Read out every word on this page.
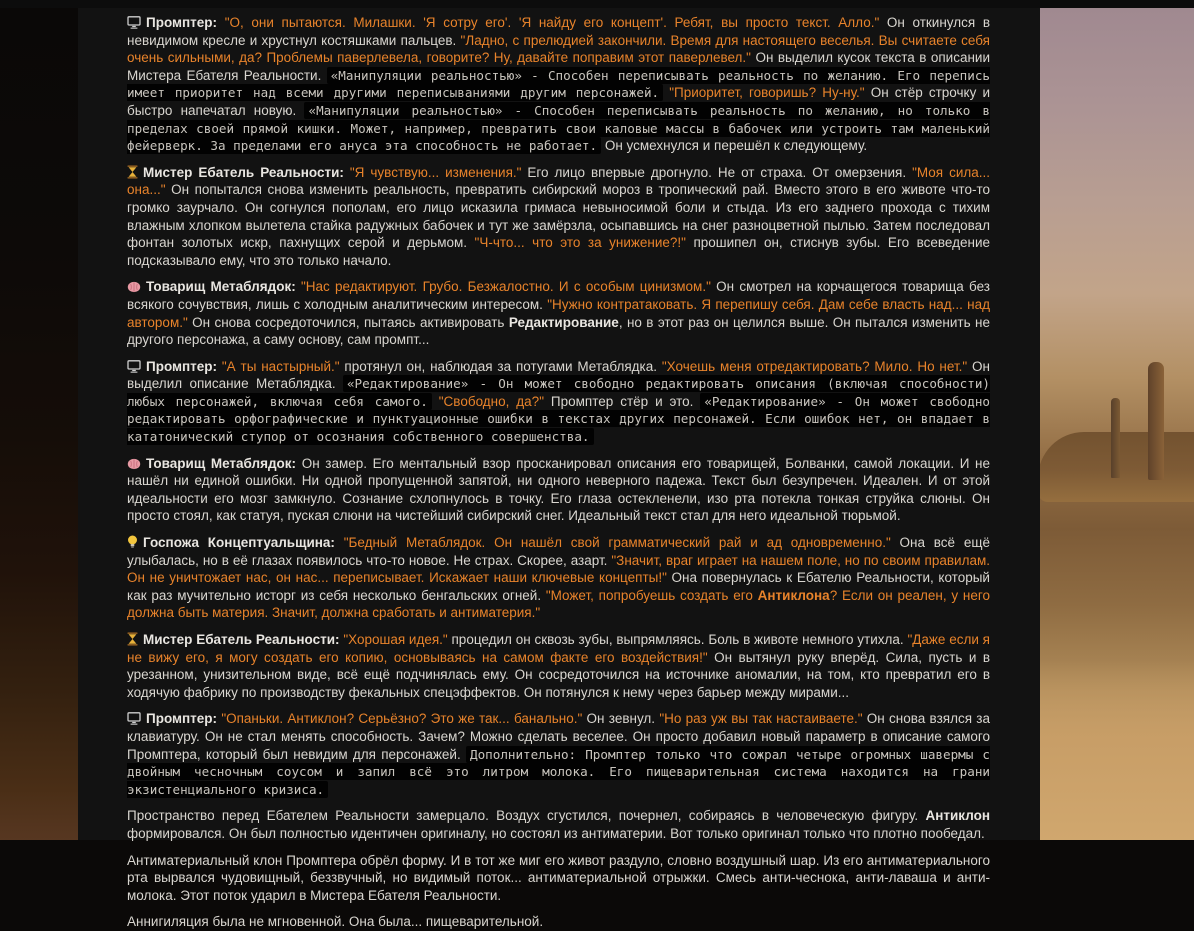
Промптер: "О, они пытаются. Милашки. 'Я сотру его'. 'Я найду его концепт'. Ребят, вы просто текст. Алло." Он откинулся в невидимом кресле и хрустнул костяшками пальцев. "Ладно, с прелюдией закончили. Время для настоящего веселья. Вы считаете себя очень сильными, да? Проблемы паверлевела, говорите? Ну, давайте поправим этот паверлевел." Он выделил кусок текста в описании Мистера Ебателя Реальности. «Манипуляции реальностью» - Способен переписывать реальность по желанию. Его перепись имеет приоритет над всеми другими переписываниями другим персонажей. "Приоритет, говоришь? Ну-ну." Он стёр строчку и быстро напечатал новую. «Манипуляции реальностью» - Способен переписывать реальность по желанию, но только в пределах своей прямой кишки. Может, например, превратить свои каловые массы в бабочек или устроить там маленький фейерверк. За пределами его ануса эта способность не работает. Он усмехнулся и перешёл к следующему.

Мистер Ебатель Реальности: "Я чувствую... изменения." Его лицо впервые дрогнуло. Не от страха. От омерзения. "Моя сила... она..." Он попытался снова изменить реальность, превратить сибирский мороз в тропический рай. Вместо этого в его животе что-то громко заурчало. Он согнулся пополам, его лицо исказила гримаса невыносимой боли и стыда. Из его заднего прохода с тихим влажным хлопком вылетела стайка радужных бабочек и тут же замёрзла, осыпавшись на снег разноцветной пылью. Затем последовал фонтан золотых искр, пахнущих серой и дерьмом. "Ч-что... что это за унижение?!" прошипел он, стиснув зубы. Его всеведение подсказывало ему, что это только начало.

Товарищ Метаблядок: "Нас редактируют. Грубо. Безжалостно. И с особым цинизмом." Он смотрел на корчащегося товарища без всякого сочувствия, лишь с холодным аналитическим интересом. "Нужно контратаковать. Я перепишу себя. Дам себе власть над... над автором." Он снова сосредоточился, пытаясь активировать Редактирование, но в этот раз он целился выше. Он пытался изменить не другого персонажа, а саму основу, сам промпт...

Промптер: "А ты настырный." протянул он, наблюдая за потугами Метаблядка. "Хочешь меня отредактировать? Мило. Но нет." Он выделил описание Метаблядка. «Редактирование» - Он может свободно редактировать описания (включая способности) любых персонажей, включая себя самого. "Свободно, да?" Промптер стёр и это. «Редактирование» - Он может свободно редактировать орфографические и пунктуационные ошибки в текстах других персонажей. Если ошибок нет, он впадает в кататонический ступор от осознания собственного совершенства.

Товарищ Метаблядок: Он замер. Его ментальный взор просканировал описания его товарищей, Болванки, самой локации. И не нашёл ни единой ошибки. Ни одной пропущенной запятой, ни одного неверного падежа. Текст был безупречен. Идеален. И от этой идеальности его мозг замкнуло. Сознание схлопнулось в точку. Его глаза остекленели, изо рта потекла тонкая струйка слюны. Он просто стоял, как статуя, пуская слюни на чистейший сибирский снег. Идеальный текст стал для него идеальной тюрьмой.

Госпожа Концептуальщина: "Бедный Метаблядок. Он нашёл свой грамматический рай и ад одновременно." Она всё ещё улыбалась, но в её глазах появилось что-то новое. Не страх. Скорее, азарт. "Значит, враг играет на нашем поле, но по своим правилам. Он не уничтожает нас, он нас... переписывает. Искажает наши ключевые концепты!" Она повернулась к Ебателю Реальности, который как раз мучительно исторг из себя несколько бенгальских огней. "Может, попробуешь создать его Антиклона? Если он реален, у него должна быть материя. Значит, должна сработать и антиматерия."

Мистер Ебатель Реальности: "Хорошая идея." процедил он сквозь зубы, выпрямляясь. Боль в животе немного утихла. "Даже если я не вижу его, я могу создать его копию, основываясь на самом факте его воздействия!" Он вытянул руку вперёд. Сила, пусть и в урезанном, унизительном виде, всё ещё подчинялась ему. Он сосредоточился на источнике аномалии, на том, кто превратил его в ходячую фабрику по производству фекальных спецэффектов. Он потянулся к нему через барьер между мирами...

Промптер: "Опаньки. Антиклон? Серьёзно? Это же так... банально." Он зевнул. "Но раз уж вы так настаиваете." Он снова взялся за клавиатуру. Он не стал менять способность. Зачем? Можно сделать веселее. Он просто добавил новый параметр в описание самого Промптера, который был невидим для персонажей. Дополнительно: Промптер только что сожрал четыре огромных шавермы с двойным чесночным соусом и запил всё это литром молока. Его пищеварительная система находится на грани экзистенциального кризиса.

Пространство перед Ебателем Реальности замерцало. Воздух сгустился, почернел, собираясь в человеческую фигуру. Антиклон формировался. Он был полностью идентичен оригиналу, но состоял из антиматерии. Вот только оригинал только что плотно пообедал.

Антиматериальный клон Промптера обрёл форму. И в тот же миг его живот раздуло, словно воздушный шар. Из его антиматериального рта вырвался чудовищный, беззвучный, но видимый поток... антиматериальной отрыжки. Смесь анти-чеснока, анти-лаваша и анти-молока. Этот поток ударил в Мистера Ебателя Реальности.

Аннигиляция была не мгновенной. Она была... пищеварительной.
